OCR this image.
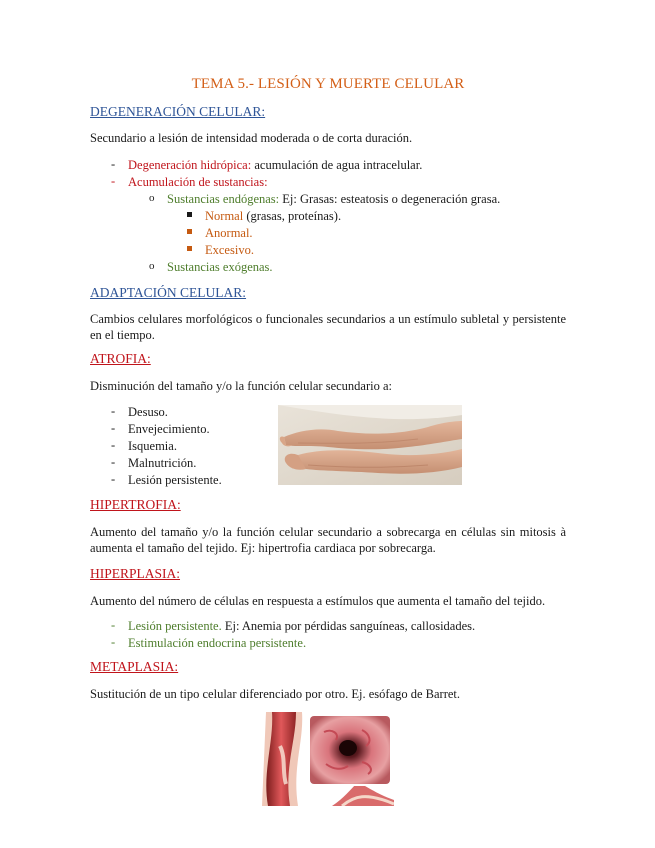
TEMA 5.- LESIÓN Y MUERTE CELULAR
DEGENERACIÓN CELULAR:
Secundario a lesión de intensidad moderada o de corta duración.
-	Degeneración hidrópica: acumulación de agua intracelular.
-	Acumulación de sustancias:
o Sustancias endógenas: Ej: Grasas: esteatosis o degeneración grasa.
Normal (grasas, proteínas).
Anormal.
Excesivo.
o Sustancias exógenas.
ADAPTACIÓN CELULAR:
Cambios celulares morfológicos o funcionales secundarios a un estímulo subletal y persistente en el tiempo.
ATROFIA:
Disminución del tamaño y/o la función celular secundario a:
-	Desuso.
-	Envejecimiento.
-	Isquemia.
-	Malnutrición.
-	Lesión persistente.
HIPERTROFIA:
Aumento del tamaño y/o la función celular secundario a sobrecarga en células sin mitosis à aumenta el tamaño del tejido. Ej: hipertrofia cardiaca por sobrecarga.
HIPERPLASIA:
Aumento del número de células en respuesta a estímulos que aumenta el tamaño del tejido.
-	Lesión persistente. Ej: Anemia por pérdidas sanguíneas, callosidades.
-	Estimulación endocrina persistente.
METAPLASIA:
Sustitución de un tipo celular diferenciado por otro. Ej. esófago de Barret.
